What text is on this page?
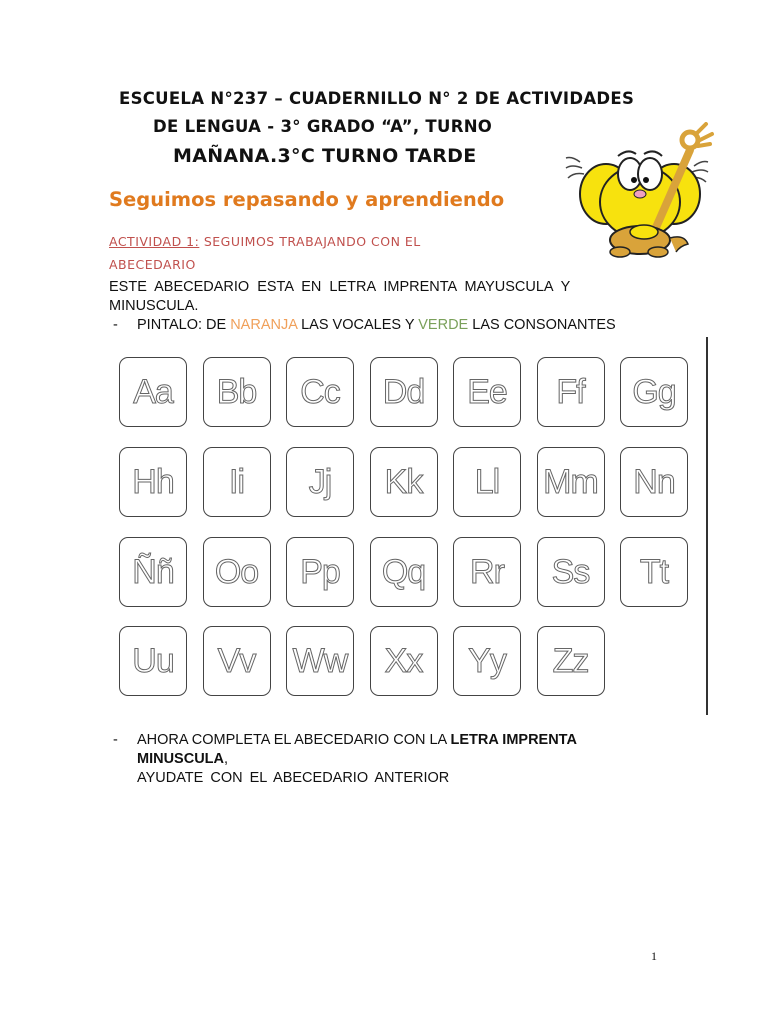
ESCUELA N°237 – CUADERNILLO N° 2 DE ACTIVIDADES
DE LENGUA - 3° GRADO “A”, TURNO
MAÑANA.3°C TURNO TARDE
Seguimos repasando y aprendiendo
ACTIVIDAD 1: SEGUIMOS TRABAJANDO CON EL
ABECEDARIO
ESTE ABECEDARIO ESTA EN LETRA IMPRENTA MAYUSCULA Y
MINUSCULA.
- PINTALO: DE NARANJA LAS VOCALES Y VERDE LAS CONSONANTES
Aa Bb Cc Dd Ee Ff Gg
Hh Ii Jj Kk Ll Mm Nn
Ññ Oo Pp Qq Rr Ss Tt
Uu Vv Ww Xx Yy Zz
- AHORA COMPLETA EL ABECEDARIO CON LA LETRA IMPRENTA
MINUSCULA,
AYUDATE CON EL ABECEDARIO ANTERIOR
1
